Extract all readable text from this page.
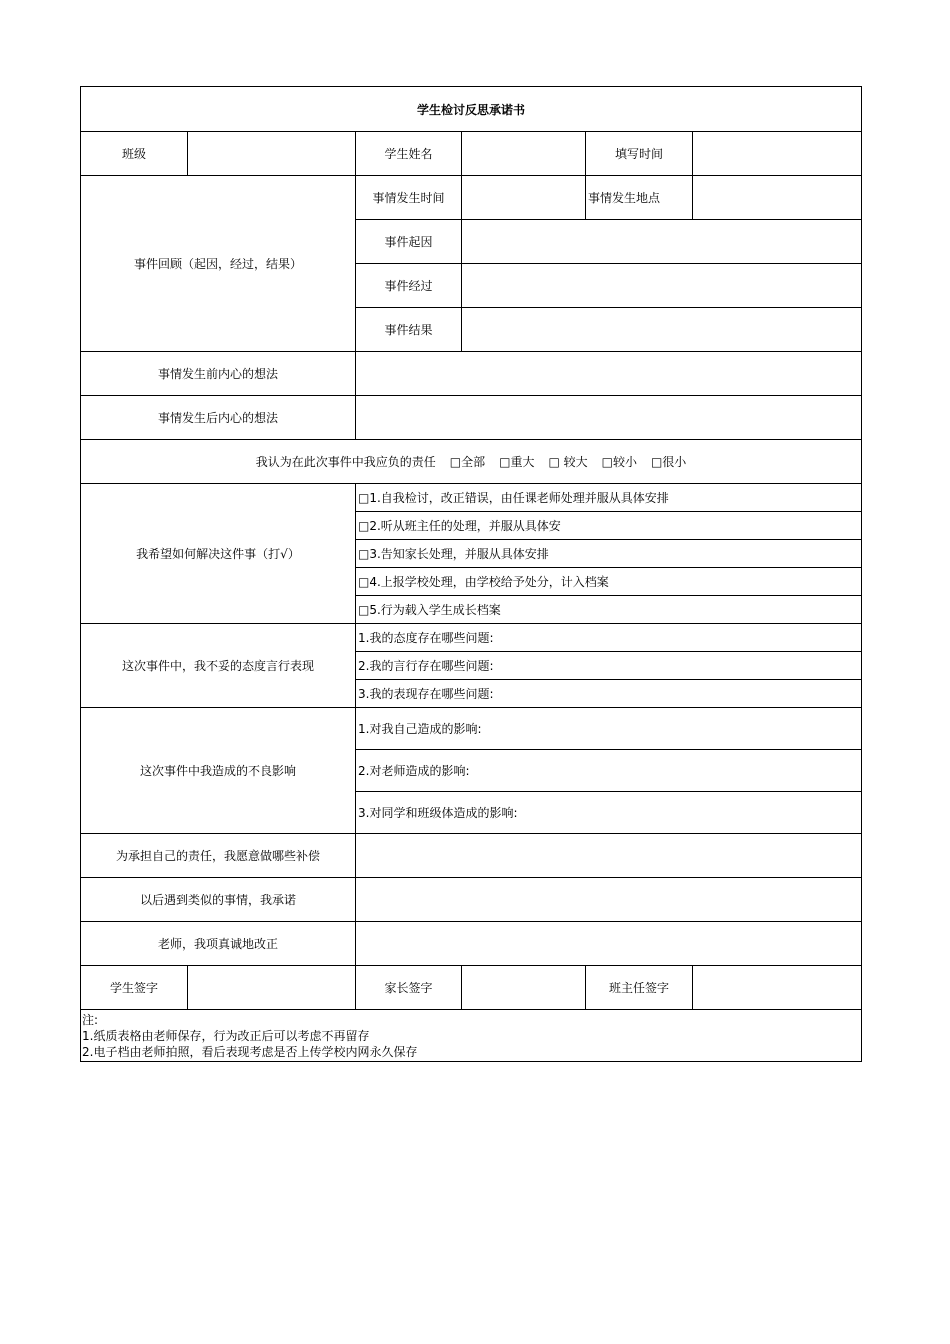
学生检讨反思承诺书					
班级		学生姓名		填写时间	
事件回顾（起因，经过，结果）		事情发生时间		事情发生地点	
		事件起因			
		事件经过			
		事件结果			
事情发生前内心的想法					
事情发生后内心的想法					
我认为在此次事件中我应负的责任 □全部 □重大 □ 较大 □较小 □很小					
我希望如何解决这件事（打√）		□1.自我检讨，改正错误，由任课老师处理并服从具体安排			
		□2.听从班主任的处理，并服从具体安			
		□3.告知家长处理，并服从具体安排			
		□4.上报学校处理，由学校给予处分，计入档案			
		□5.行为载入学生成长档案			
这次事件中，我不妥的态度言行表现		1.我的态度存在哪些问题:			
		2.我的言行存在哪些问题:			
		3.我的表现存在哪些问题:			
这次事件中我造成的不良影响		1.对我自己造成的影响:			
		2.对老师造成的影响:			
		3.对同学和班级体造成的影响:			
为承担自己的责任，我愿意做哪些补偿					
以后遇到类似的事情，我承诺					
老师，我项真诚地改正					
学生签字		家长签字		班主任签字	
注:
1.纸质表格由老师保存，行为改正后可以考虑不再留存
2.电子档由老师拍照，看后表现考虑是否上传学校内网永久保存
